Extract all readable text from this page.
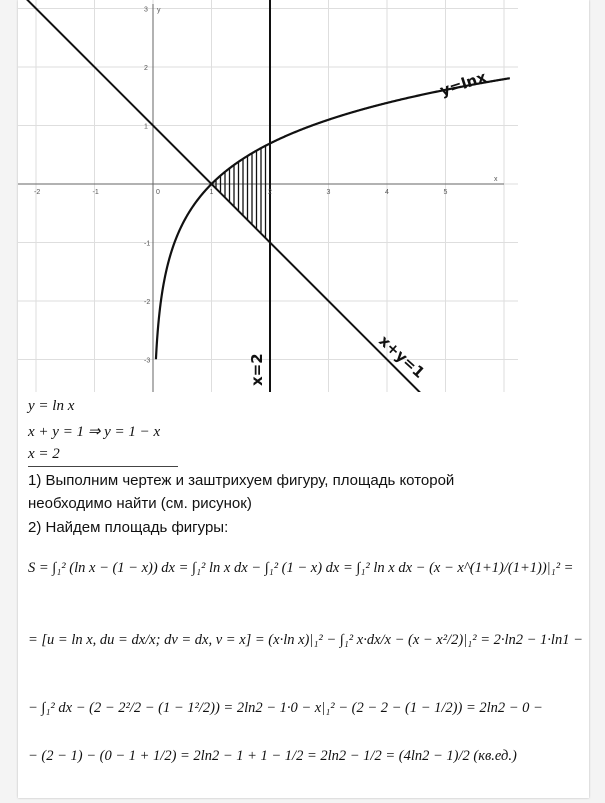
-2	-1	0	1	2	3	4	5
3
2
1
-1
-2
-3
x
y
y=lnx
x+y=1
x=2
y = ln x
x + y = 1 ⇒ y = 1 − x
x = 2
1) Выполним чертеж и заштрихуем фигуру, площадь которой
необходимо найти (см. рисунок)
2) Найдем площадь фигуры:
S = ∫₁² (ln x − (1 − x)) dx = ∫₁² ln x dx − ∫₁² (1 − x) dx = ∫₁² ln x dx − (x − x^(1+1)/(1+1))|₁² =
= [u = ln x, du = dx/x; dv = dx, v = x] = (x·ln x)|₁² − ∫₁² x·dx/x − (x − x²/2)|₁² = 2·ln2 − 1·ln1 −
− ∫₁² dx − (2 − 2²/2 − (1 − 1²/2)) = 2ln2 − 1·0 − x|₁² − (2 − 2 − (1 − 1/2)) = 2ln2 − 0 −
− (2 − 1) − (0 − 1 + 1/2) = 2ln2 − 1 + 1 − 1/2 = 2ln2 − 1/2 = (4ln2 − 1)/2 (кв.ед.)
